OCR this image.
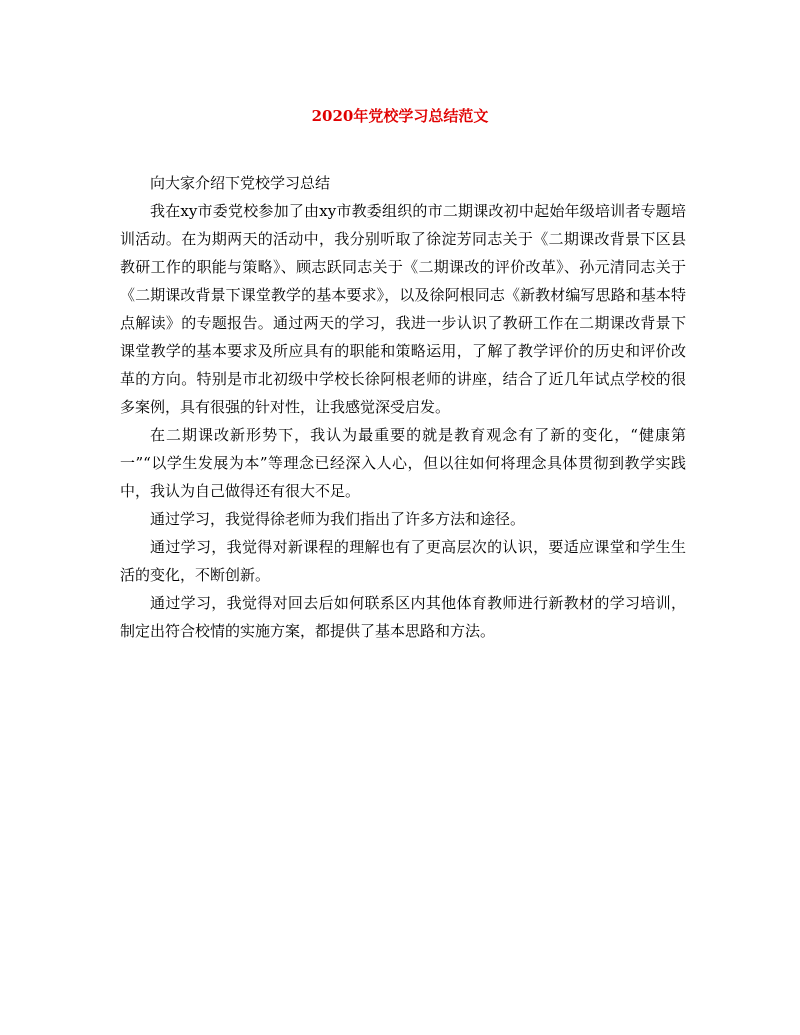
2020年党校学习总结范文

向大家介绍下党校学习总结

我在xy市委党校参加了由xy市教委组织的市二期课改初中起始年级培训者专题培训活动。在为期两天的活动中，我分别听取了徐淀芳同志关于《二期课改背景下区县教研工作的职能与策略》、顾志跃同志关于《二期课改的评价改革》、孙元清同志关于《二期课改背景下课堂教学的基本要求》，以及徐阿根同志《新教材编写思路和基本特点解读》的专题报告。通过两天的学习，我进一步认识了教研工作在二期课改背景下课堂教学的基本要求及所应具有的职能和策略运用，了解了教学评价的历史和评价改革的方向。特别是市北初级中学校长徐阿根老师的讲座，结合了近几年试点学校的很多案例，具有很强的针对性，让我感觉深受启发。

在二期课改新形势下，我认为最重要的就是教育观念有了新的变化，“健康第一”“以学生发展为本”等理念已经深入人心，但以往如何将理念具体贯彻到教学实践中，我认为自己做得还有很大不足。

通过学习，我觉得徐老师为我们指出了许多方法和途径。

通过学习，我觉得对新课程的理解也有了更高层次的认识，要适应课堂和学生生活的变化，不断创新。

通过学习，我觉得对回去后如何联系区内其他体育教师进行新教材的学习培训，制定出符合校情的实施方案，都提供了基本思路和方法。
